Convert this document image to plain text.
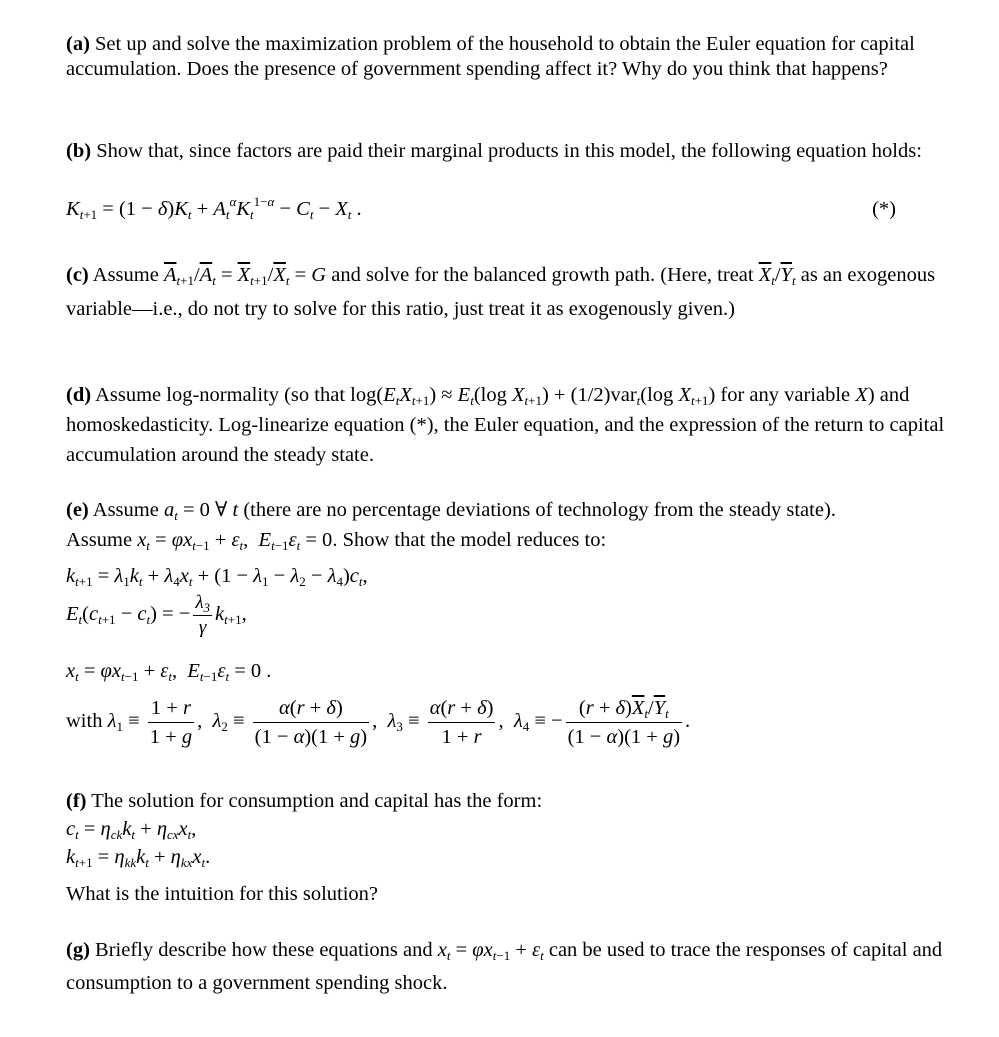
(a) Set up and solve the maximization problem of the household to obtain the Euler equation for capital accumulation. Does the presence of government spending affect it? Why do you think that happens?
(b) Show that, since factors are paid their marginal products in this model, the following equation holds:
$K_{t+1} = (1 - \delta)K_t + A_t^\alpha K_t^{1-\alpha} - C_t - X_t$ .	(*)
(c) Assume $\overline{A}_{t+1}/\overline{A}_t = \overline{X}_{t+1}/\overline{X}_t = G$ and solve for the balanced growth path. (Here, treat $\overline{X}_t/\overline{Y}_t$ as an exogenous variable—i.e., do not try to solve for this ratio, just treat it as exogenously given.)
(d) Assume log-normality (so that $\log(E_tX_{t+1}) \approx E_t(\log$ $X_{t+1}) + (1/2)var_t(\log$ $X_{t+1}$) for any variable X) and homoskedasticity. Log-linearize equation (*), the Euler equation, and the expression of the return to capital accumulation around the steady state.
(e) Assume $a_t = 0$ ∀ t (there are no percentage deviations of technology from the steady state).
Assume $x_t = \varphi x_{t-1} + \varepsilon_t$,  $E_{t-1}\varepsilon_t = 0$. Show that the model reduces to:
$k_{t+1} = \lambda_1k_t + \lambda_4x_t + (1 - \lambda_1 - \lambda_2 - \lambda_4)c_t$,
$E_t(c_{t+1} - c_t)$ = − $\frac{\lambda_3}{\gamma} k_{t+1}$,
$x_t = \varphi x_{t-1} + \varepsilon_t$,  $E_{t-1}\varepsilon_t = 0$ .
with $\lambda_1 \equiv \frac{1 + r}{1 + g}$ ,  $\lambda_2 \equiv \frac{\alpha(r + \delta)}{(1 - \alpha)(1 + g)}$ ,  $\lambda_3 \equiv \frac{\alpha(r + \delta)}{1 + r}$ ,  $\lambda_4$ ≡ − $\frac{(r + \delta)\overline{X}_t/\overline{Y}_t}{(1 - \alpha)(1 + g)}$ .
(f) The solution for consumption and capital has the form:
$c_t = \eta_{ck}k_t + \eta_{cx}x_t$,
$k_{t+1} = \eta_{kk}k_t + \eta_{kx}x_t$.
What is the intuition for this solution?
(g) Briefly describe how these equations and $x_t = \varphi x_{t-1} + \varepsilon_t$ can be used to trace the responses of capital and consumption to a government spending shock.
